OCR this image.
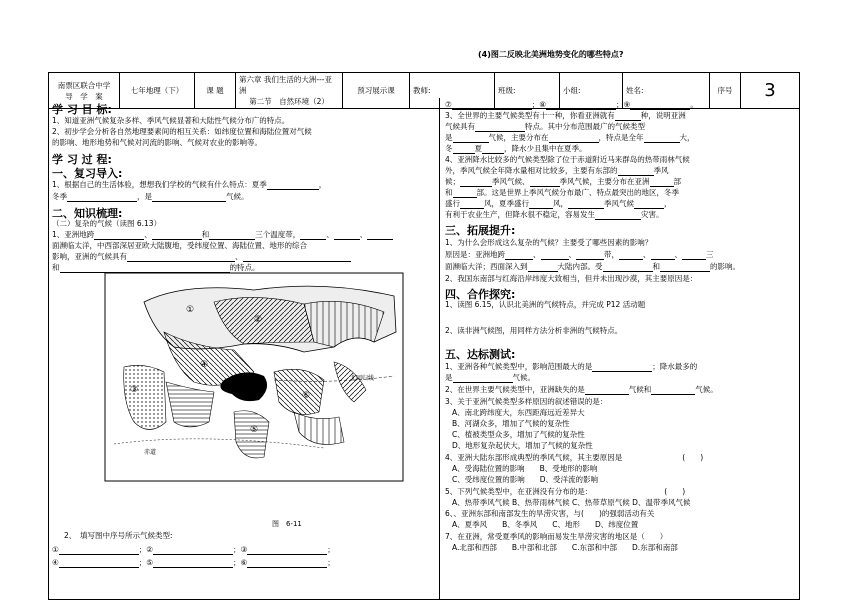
(4)图二反映北美洲地势变化的哪些特点?
南票区联合中学
导　学　案
	七年地理（下）	课 题	
第六章 我们生活的大洲---亚洲
第二节　自然环境（2）
	预习展示课	教师:	班级:	小组:	姓名:	序号	3
学 习 目 标:
1、知道亚洲气候复杂多样、季风气候显著和大陆性气候分布广的特点。
2、初步学会分析各自然地理要素间的相互关系：如纬度位置和海陆位置对气候
的影响、地形地势和气候对河流的影响、气候对农业的影响等。
学 习 过 程:
一、复习导入:
1、根据自己的生活体验，想想我们学校的气候有什么特点：夏季	，
冬季	，是	气候。
二、知识梳理:
（二）复杂的气候（读图 6.13）
1、亚洲地跨	、	和	三个温度带，	、	、
面濒临太洋，中西部深居亚欧大陆腹地，受纬度位置、海陆位置、地形的综合
影响，亚洲的气候具有	、
和	的特点。
①
②
③
④
⑤
⑥
北回归线
赤道
图　6-11
2、　填写图中序号所示气候类型:
①	；②	；③	；
④	；⑤	；⑥	；
⑦	；⑧	；⑨	。
3、全世界的主要气候类型有十一种，你看亚洲就有	种，说明亚洲
气候具有	特点。其中分布范围最广的气候类型
是	气候，主要分布在	，特点是全年	大，
冬	夏	，降水少且集中在夏季。
4、亚洲降水比较多的气候类型除了位于赤道附近马来群岛的热带雨林气候
外，季风气候全年降水量相对比较多，主要有东部的	季风
候；	季风气候、	季风气候，主要分布在亚洲	部
和	部。这是世界上季风气候分布最广、特点最突出的地区，冬季
盛行	风，夏季盛行	风，	季风气候	，
有利于农业生产，但降水很不稳定，容易发生	灾害。
三、拓展提升:
1、为什么会形成这么复杂的气候？主要受了哪些因素的影响？
原因是：亚洲地跨	、	、	带，	、	、	三
面濒临大洋；西面深入到	大陆内部。受	和	的影响。
2、我国东南部与红海沿岸纬度大致相当，但并未出现沙漠，其主要原因是：
四、合作探究:
1、读图 6.15，认识北美洲的气候特点，并完成 P12 活动题
2、读非洲气候图，用同样方法分析非洲的气候特点。
五、达标测试:
1、亚洲各种气候类型中，影响范围最大的是	；降水最多的
是	气候。
2、在世界主要气候类型中，亚洲缺失的是	气候和	气候。
3、关于亚洲气候类型多样原因的叙述错误的是：
A、南北跨纬度大，东西距海远近差异大
B、河湖众多，增加了气候的复杂性
C、植被类型众多，增加了气候的复杂性
D、地形复杂起伏大，增加了气候的复杂性
4、亚洲大陆东部形成典型的季风气候，其主要原因是	(　　)
A、受海陆位置的影响　　B、受地形的影响
C、受纬度位置的影响　　D、受洋流的影响
5、下列气候类型中，在亚洲没有分布的是：	(　　)
A、热带季风气候 B、热带雨林气候 C、热带草原气候 D、温带季风气候
6、、亚洲东部和南部发生的旱涝灾害，与(　　)的强弱活动有关
A、夏季风　　B、冬季风　　C、地形　　D、纬度位置
7、在亚洲，常受夏季风的影响而易发生旱涝灾害的地区是（　　）
A.北部和西部　　B.中部和北部　　C.东部和中部　　D.东部和南部
